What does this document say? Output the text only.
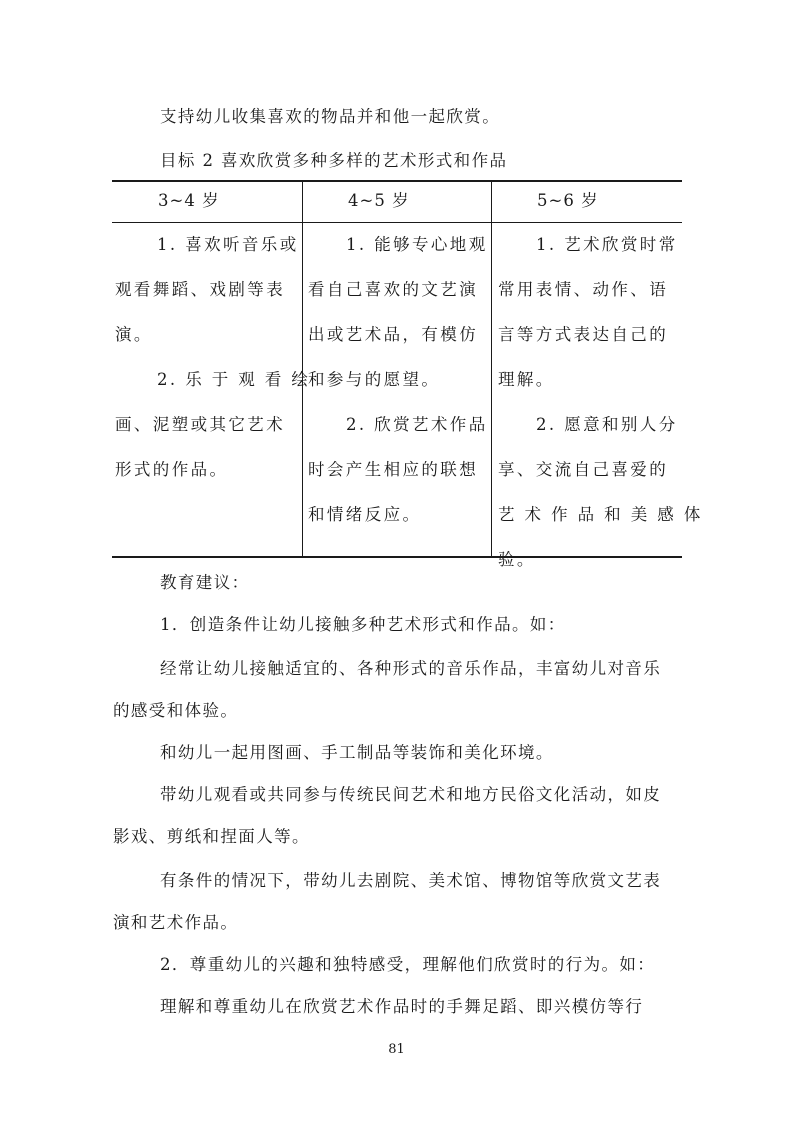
支持幼儿收集喜欢的物品并和他一起欣赏。

目标 2 喜欢欣赏多种多样的艺术形式和作品

3~4 岁	4~5 岁	5~6 岁
1. 喜欢听音乐或
观看舞蹈、戏剧等表
演。
2. 乐 于 观 看 绘
画、泥塑或其它艺术
形式的作品。
1. 能够专心地观
看自己喜欢的文艺演
出或艺术品，有模仿
和参与的愿望。
2. 欣赏艺术作品
时会产生相应的联想
和情绪反应。
1. 艺术欣赏时常
常用表情、动作、语
言等方式表达自己的
理解。
2. 愿意和别人分
享、交流自己喜爱的
艺 术 作 品 和 美 感 体
验。

教育建议：

1．创造条件让幼儿接触多种艺术形式和作品。如：

经常让幼儿接触适宜的、各种形式的音乐作品，丰富幼儿对音乐

的感受和体验。

和幼儿一起用图画、手工制品等装饰和美化环境。

带幼儿观看或共同参与传统民间艺术和地方民俗文化活动，如皮

影戏、剪纸和捏面人等。

有条件的情况下，带幼儿去剧院、美术馆、博物馆等欣赏文艺表

演和艺术作品。

2．尊重幼儿的兴趣和独特感受，理解他们欣赏时的行为。如：

理解和尊重幼儿在欣赏艺术作品时的手舞足蹈、即兴模仿等行

81
